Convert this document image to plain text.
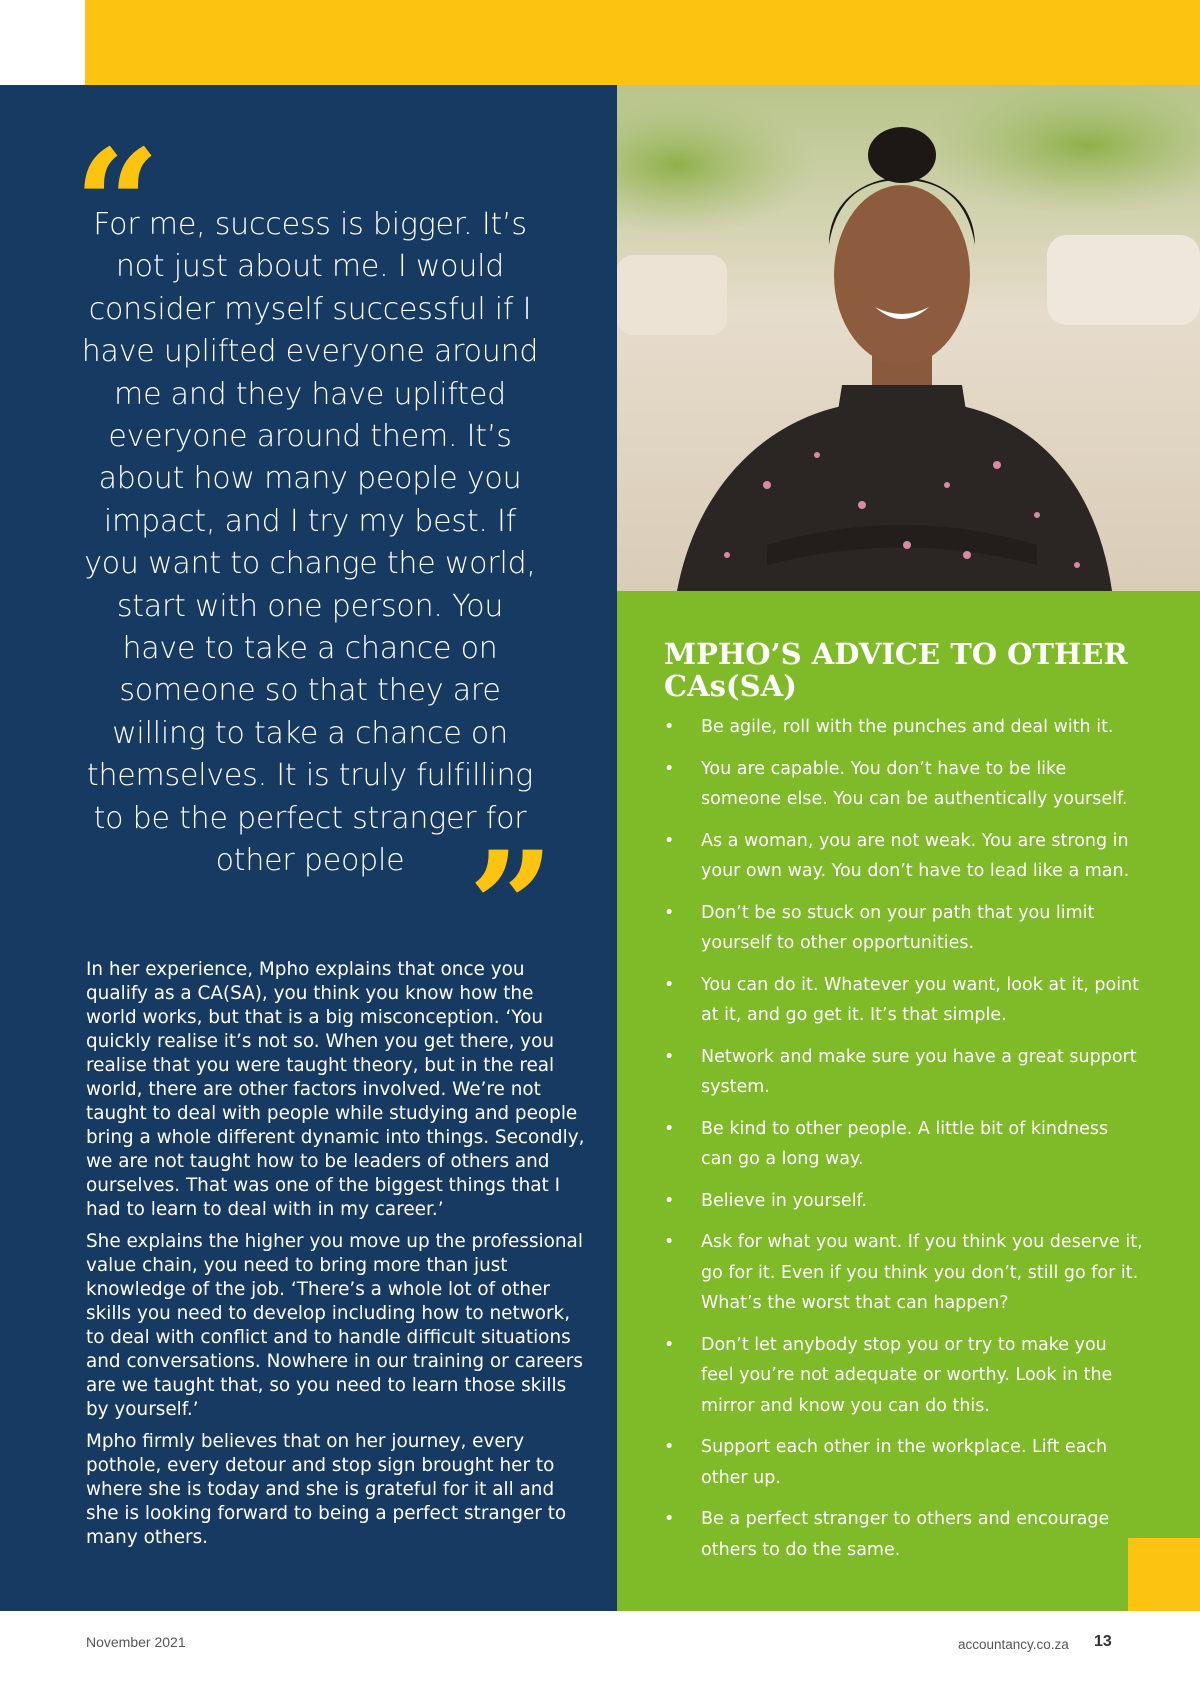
“

For me, success is bigger. It’s not just about me. I would consider myself successful if I have uplifted everyone around me and they have uplifted everyone around them. It’s about how many people you impact, and I try my best. If you want to change the world, start with one person. You have to take a chance on someone so that they are willing to take a chance on themselves. It is truly fulfilling to be the perfect stranger for other people ”

In her experience, Mpho explains that once you qualify as a CA(SA), you think you know how the world works, but that is a big misconception. ‘You quickly realise it’s not so. When you get there, you realise that you were taught theory, but in the real world, there are other factors involved. We’re not taught to deal with people while studying and people bring a whole different dynamic into things. Secondly, we are not taught how to be leaders of others and ourselves. That was one of the biggest things that I had to learn to deal with in my career.’

She explains the higher you move up the professional value chain, you need to bring more than just knowledge of the job. ‘There’s a whole lot of other skills you need to develop including how to network, to deal with conflict and to handle difficult situations and conversations. Nowhere in our training or careers are we taught that, so you need to learn those skills by yourself.’

Mpho firmly believes that on her journey, every pothole, every detour and stop sign brought her to where she is today and she is grateful for it all and she is looking forward to being a perfect stranger to many others.

MPHO’S ADVICE TO OTHER CAs(SA)
• Be agile, roll with the punches and deal with it.
• You are capable. You don’t have to be like someone else. You can be authentically yourself.
• As a woman, you are not weak. You are strong in your own way. You don’t have to lead like a man.
• Don’t be so stuck on your path that you limit yourself to other opportunities.
• You can do it. Whatever you want, look at it, point at it, and go get it. It’s that simple.
• Network and make sure you have a great support system.
• Be kind to other people. A little bit of kindness can go a long way.
• Believe in yourself.
• Ask for what you want. If you think you deserve it, go for it. Even if you think you don’t, still go for it. What’s the worst that can happen?
• Don’t let anybody stop you or try to make you feel you’re not adequate or worthy. Look in the mirror and know you can do this.
• Support each other in the workplace. Lift each other up.
• Be a perfect stranger to others and encourage others to do the same.
November 2021	accountancy.co.za 13
